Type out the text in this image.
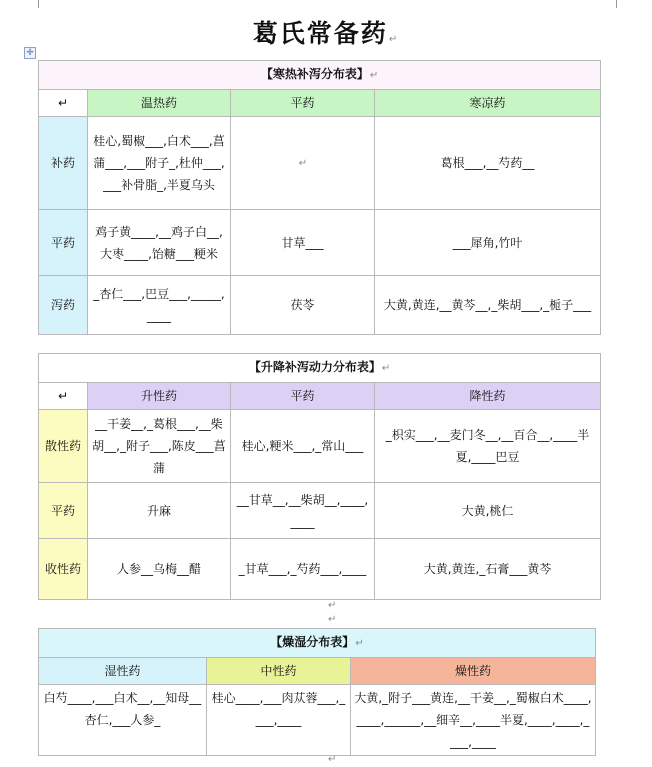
✛
葛氏常备药↵
【寒热补泻分布表】↵			
↵	温热药	平药	寒凉药
补药	桂心,蜀椒___,白术___,菖蒲___,___附子_,杜仲___,___补骨脂_,半夏乌头	↵	葛根___,__芍药__
平药	鸡子黄____,__鸡子白__,大枣____,饴糖___粳米	甘草___	___犀角,竹叶
泻药	_杏仁___,巴豆___,_____,____	茯苓	大黄,黄连,__黄芩__,_柴胡___,_栀子___
【升降补泻动力分布表】↵			
↵	升性药	平药	降性药
散性药	__干姜__,_葛根___,__柴胡__,_附子___,陈皮___菖蒲	桂心,粳米___,_常山___	_枳实___,__麦门冬__,__百合__,____半夏,____巴豆
平药	升麻	__甘草__,__柴胡__,____,____	大黄,桃仁
收性药	人参__乌梅__醋	_甘草___,_芍药___,____	大黄,黄连,_石膏___黄芩
↵
↵
【燥湿分布表】↵		
湿性药	中性药	燥性药
白芍____,___白术__,__知母__杏仁,___人参_	桂心____,___肉苁蓉___,____,____	大黄,_附子___黄连,__干姜__,_蜀椒白术____,____,______,__细辛__,____半夏,____,____,____,____
↵
